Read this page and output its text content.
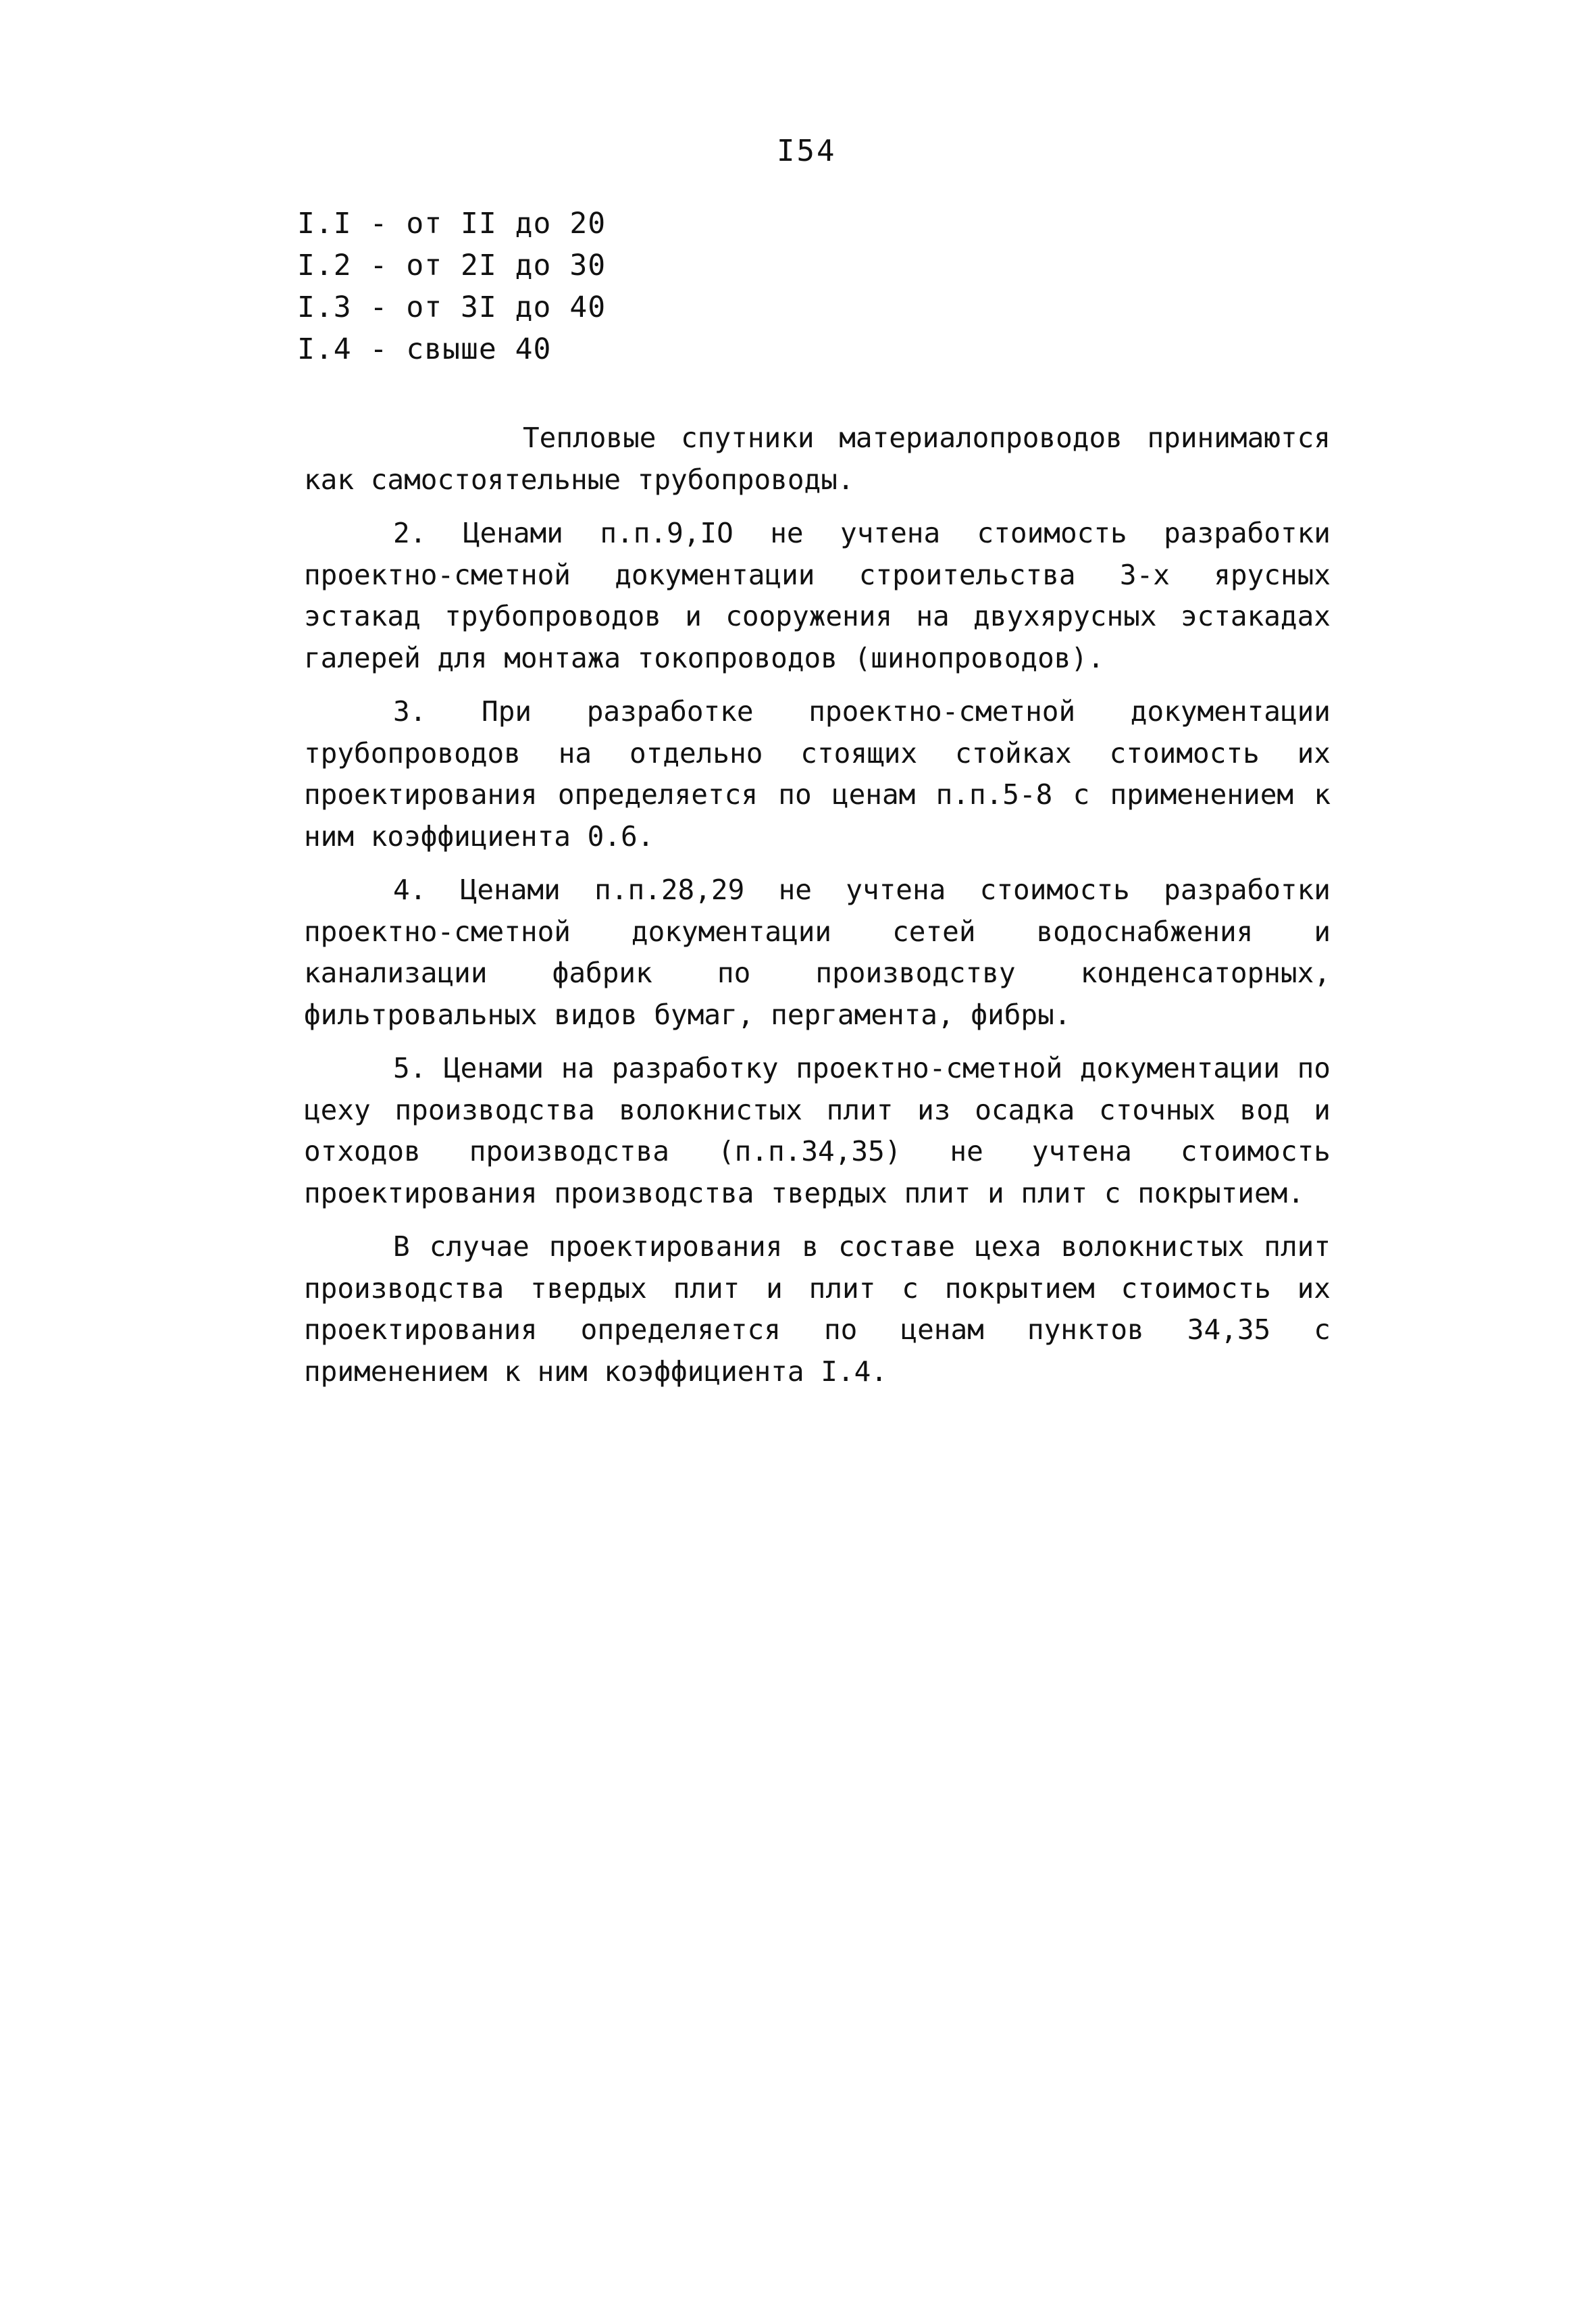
I54
I.I - от II до 20
I.2 - от 2I до 30
I.3 - от 3I до 40
I.4 - свыше 40

Тепловые спутники материалопроводов принимаются как самостоятельные трубопроводы.

2. Ценами п.п.9,IO не учтена стоимость разработки проектно-сметной документации строительства 3-х ярусных эстакад трубопроводов и сооружения на двухярусных эстакадах галерей для монтажа токопроводов (шинопроводов).

3. При разработке проектно-сметной документации трубопроводов на отдельно стоящих стойках стоимость их проектирования определяется по ценам п.п.5-8 с применением к ним коэффициента 0.6.

4. Ценами п.п.28,29 не учтена стоимость разработки проектно-сметной документации сетей водоснабжения и канализации фабрик по производству конденсаторных, фильтровальных видов бумаг, пергамента, фибры.

5. Ценами на разработку проектно-сметной документации по цеху производства волокнистых плит из осадка сточных вод и отходов производства (п.п.34,35) не учтена стоимость проектирования производства твердых плит и плит с покрытием.

В случае проектирования в составе цеха волокнистых плит производства твердых плит и плит с покрытием стоимость их проектирования определяется по ценам пунктов 34,35 с применением к ним коэффициента I.4.
